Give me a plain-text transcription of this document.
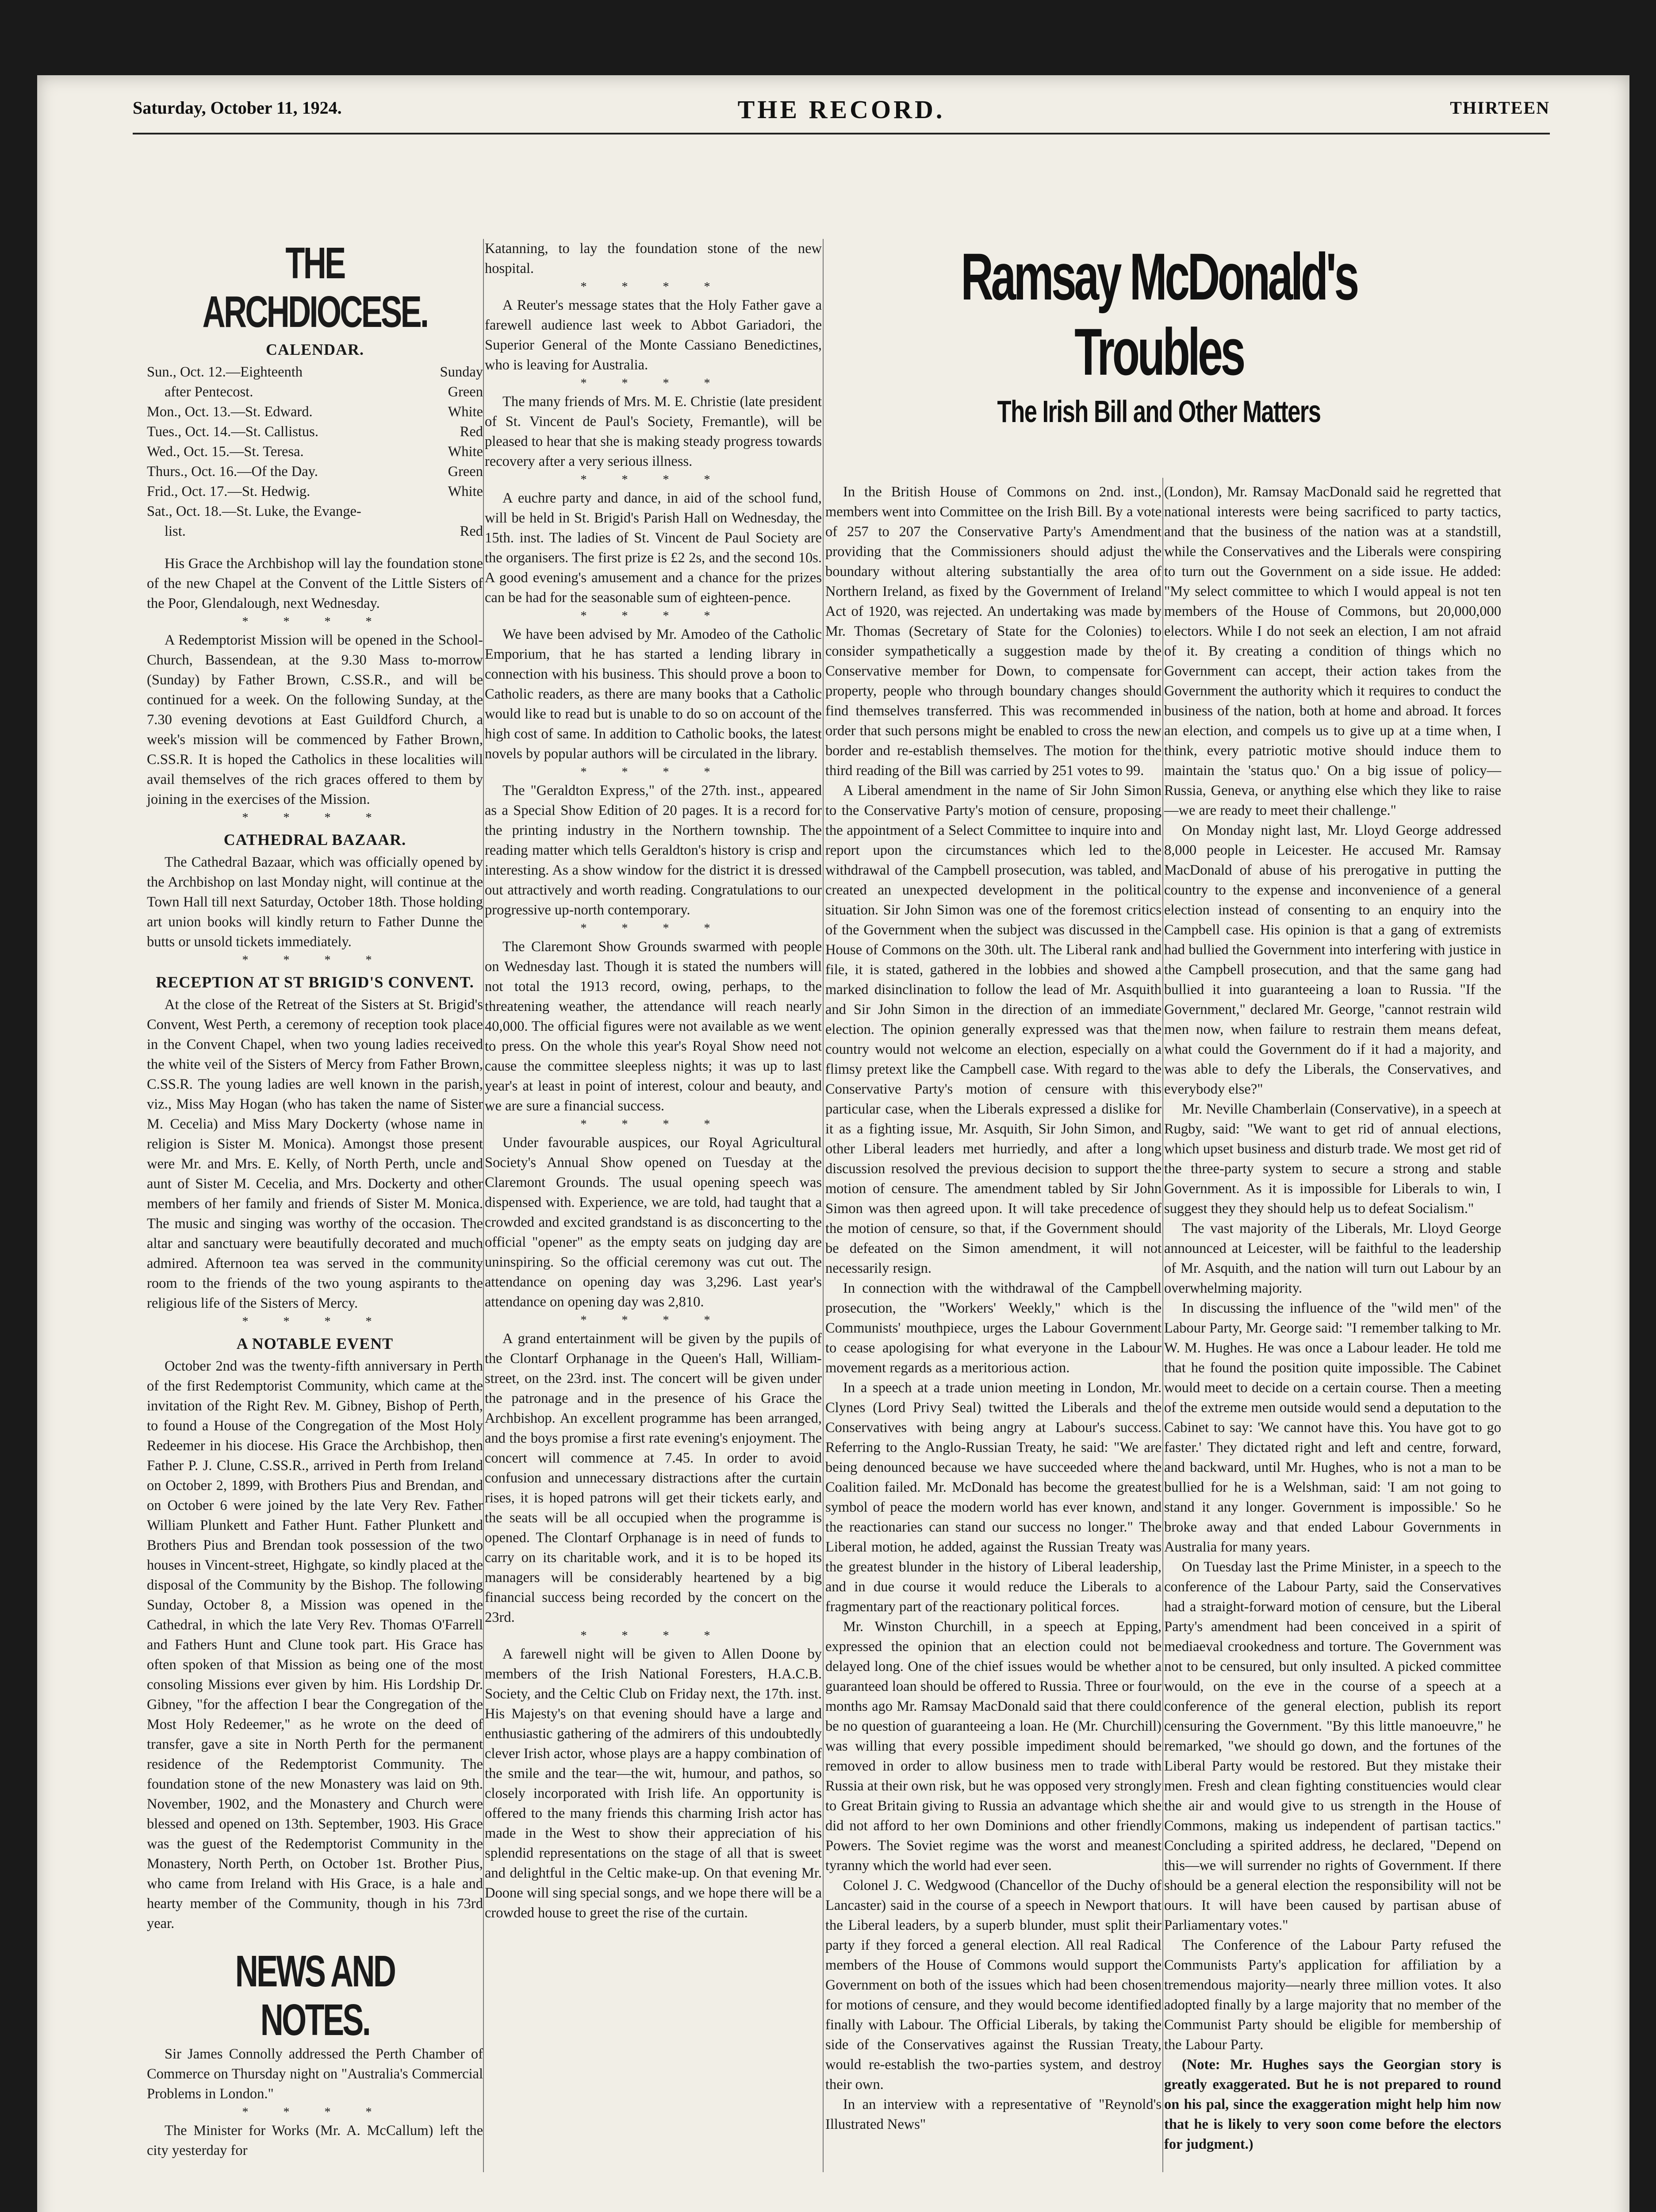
Saturday, October 11, 1924.	THE RECORD.	THIRTEEN
THE ARCHDIOCESE.
CALENDAR.
Sun., Oct. 12.—Eighteenth	Sunday
after Pentecost.	Green
Mon., Oct. 13.—St. Edward.	White
Tues., Oct. 14.—St. Callistus.	Red
Wed., Oct. 15.—St. Teresa.	White
Thurs., Oct. 16.—Of the Day.	Green
Frid., Oct. 17.—St. Hedwig.	White
Sat., Oct. 18.—St. Luke, the Evange-
list.	Red

His Grace the Archbishop will lay the foundation stone of the new Chapel at the Convent of the Little Sisters of the Poor, Glendalough, next Wednesday.

* * * *

A Redemptorist Mission will be opened in the School-Church, Bassendean, at the 9.30 Mass to-morrow (Sunday) by Father Brown, C.SS.R., and will be continued for a week. On the following Sunday, at the 7.30 evening devotions at East Guildford Church, a week's mission will be commenced by Father Brown, C.SS.R. It is hoped the Catholics in these localities will avail themselves of the rich graces offered to them by joining in the exercises of the Mission.

* * * *
CATHEDRAL BAZAAR.

The Cathedral Bazaar, which was officially opened by the Archbishop on last Monday night, will continue at the Town Hall till next Saturday, October 18th. Those holding art union books will kindly return to Father Dunne the butts or unsold tickets immediately.

* * * *
RECEPTION AT ST BRIGID'S CONVENT.

At the close of the Retreat of the Sisters at St. Brigid's Convent, West Perth, a ceremony of reception took place in the Convent Chapel, when two young ladies received the white veil of the Sisters of Mercy from Father Brown, C.SS.R. The young ladies are well known in the parish, viz., Miss May Hogan (who has taken the name of Sister M. Cecelia) and Miss Mary Dockerty (whose name in religion is Sister M. Monica). Amongst those present were Mr. and Mrs. E. Kelly, of North Perth, uncle and aunt of Sister M. Cecelia, and Mrs. Dockerty and other members of her family and friends of Sister M. Monica. The music and singing was worthy of the occasion. The altar and sanctuary were beautifully decorated and much admired. Afternoon tea was served in the community room to the friends of the two young aspirants to the religious life of the Sisters of Mercy.

* * * *
A NOTABLE EVENT

October 2nd was the twenty-fifth anniversary in Perth of the first Redemptorist Community, which came at the invitation of the Right Rev. M. Gibney, Bishop of Perth, to found a House of the Congregation of the Most Holy Redeemer in his diocese. His Grace the Archbishop, then Father P. J. Clune, C.SS.R., arrived in Perth from Ireland on October 2, 1899, with Brothers Pius and Brendan, and on October 6 were joined by the late Very Rev. Father William Plunkett and Father Hunt. Father Plunkett and Brothers Pius and Brendan took possession of the two houses in Vincent-street, Highgate, so kindly placed at the disposal of the Community by the Bishop. The following Sunday, October 8, a Mission was opened in the Cathedral, in which the late Very Rev. Thomas O'Farrell and Fathers Hunt and Clune took part. His Grace has often spoken of that Mission as being one of the most consoling Missions ever given by him. His Lordship Dr. Gibney, "for the affection I bear the Congregation of the Most Holy Redeemer," as he wrote on the deed of transfer, gave a site in North Perth for the permanent residence of the Redemptorist Community. The foundation stone of the new Monastery was laid on 9th. November, 1902, and the Monastery and Church were blessed and opened on 13th. September, 1903. His Grace was the guest of the Redemptorist Community in the Monastery, North Perth, on October 1st. Brother Pius, who came from Ireland with His Grace, is a hale and hearty member of the Community, though in his 73rd year.

NEWS AND NOTES.

Sir James Connolly addressed the Perth Chamber of Commerce on Thursday night on "Australia's Commercial Problems in London."

* * * *

The Minister for Works (Mr. A. McCallum) left the city yesterday for

Katanning, to lay the foundation stone of the new hospital.

* * * *

A Reuter's message states that the Holy Father gave a farewell audience last week to Abbot Gariadori, the Superior General of the Monte Cassiano Benedictines, who is leaving for Australia.

* * * *

The many friends of Mrs. M. E. Christie (late president of St. Vincent de Paul's Society, Fremantle), will be pleased to hear that she is making steady progress towards recovery after a very serious illness.

* * * *

A euchre party and dance, in aid of the school fund, will be held in St. Brigid's Parish Hall on Wednesday, the 15th. inst. The ladies of St. Vincent de Paul Society are the organisers. The first prize is £2 2s, and the second 10s. A good evening's amusement and a chance for the prizes can be had for the seasonable sum of eighteen-pence.

* * * *

We have been advised by Mr. Amodeo of the Catholic Emporium, that he has started a lending library in connection with his business. This should prove a boon to Catholic readers, as there are many books that a Catholic would like to read but is unable to do so on account of the high cost of same. In addition to Catholic books, the latest novels by popular authors will be circulated in the library.

* * * *

The "Geraldton Express," of the 27th. inst., appeared as a Special Show Edition of 20 pages. It is a record for the printing industry in the Northern township. The reading matter which tells Geraldton's history is crisp and interesting. As a show window for the district it is dressed out attractively and worth reading. Congratulations to our progressive up-north contemporary.

* * * *

The Claremont Show Grounds swarmed with people on Wednesday last. Though it is stated the numbers will not total the 1913 record, owing, perhaps, to the threatening weather, the attendance will reach nearly 40,000. The official figures were not available as we went to press. On the whole this year's Royal Show need not cause the committee sleepless nights; it was up to last year's at least in point of interest, colour and beauty, and we are sure a financial success.

* * * *

Under favourable auspices, our Royal Agricultural Society's Annual Show opened on Tuesday at the Claremont Grounds. The usual opening speech was dispensed with. Experience, we are told, had taught that a crowded and excited grandstand is as disconcerting to the official "opener" as the empty seats on judging day are uninspiring. So the official ceremony was cut out. The attendance on opening day was 3,296. Last year's attendance on opening day was 2,810.

* * * *

A grand entertainment will be given by the pupils of the Clontarf Orphanage in the Queen's Hall, William-street, on the 23rd. inst. The concert will be given under the patronage and in the presence of his Grace the Archbishop. An excellent programme has been arranged, and the boys promise a first rate evening's enjoyment. The concert will commence at 7.45. In order to avoid confusion and unnecessary distractions after the curtain rises, it is hoped patrons will get their tickets early, and the seats will be all occupied when the programme is opened. The Clontarf Orphanage is in need of funds to carry on its charitable work, and it is to be hoped its managers will be considerably heartened by a big financial success being recorded by the concert on the 23rd.

* * * *

A farewell night will be given to Allen Doone by members of the Irish National Foresters, H.A.C.B. Society, and the Celtic Club on Friday next, the 17th. inst. His Majesty's on that evening should have a large and enthusiastic gathering of the admirers of this undoubtedly clever Irish actor, whose plays are a happy combination of the smile and the tear—the wit, humour, and pathos, so closely incorporated with Irish life. An opportunity is offered to the many friends this charming Irish actor has made in the West to show their appreciation of his splendid representations on the stage of all that is sweet and delightful in the Celtic make-up. On that evening Mr. Doone will sing special songs, and we hope there will be a crowded house to greet the rise of the curtain.

Ramsay McDonald's Troubles
The Irish Bill and Other Matters

In the British House of Commons on 2nd. inst., members went into Committee on the Irish Bill. By a vote of 257 to 207 the Conservative Party's Amendment providing that the Commissioners should adjust the boundary without altering substantially the area of Northern Ireland, as fixed by the Government of Ireland Act of 1920, was rejected. An undertaking was made by Mr. Thomas (Secretary of State for the Colonies) to consider sympathetically a suggestion made by the Conservative member for Down, to compensate for property, people who through boundary changes should find themselves transferred. This was recommended in order that such persons might be enabled to cross the new border and re-establish themselves. The motion for the third reading of the Bill was carried by 251 votes to 99.

A Liberal amendment in the name of Sir John Simon to the Conservative Party's motion of censure, proposing the appointment of a Select Committee to inquire into and report upon the circumstances which led to the withdrawal of the Campbell prosecution, was tabled, and created an unexpected development in the political situation. Sir John Simon was one of the foremost critics of the Government when the subject was discussed in the House of Commons on the 30th. ult. The Liberal rank and file, it is stated, gathered in the lobbies and showed a marked disinclination to follow the lead of Mr. Asquith and Sir John Simon in the direction of an immediate election. The opinion generally expressed was that the country would not welcome an election, especially on a flimsy pretext like the Campbell case. With regard to the Conservative Party's motion of censure with this particular case, when the Liberals expressed a dislike for it as a fighting issue, Mr. Asquith, Sir John Simon, and other Liberal leaders met hurriedly, and after a long discussion resolved the previous decision to support the motion of censure. The amendment tabled by Sir John Simon was then agreed upon. It will take precedence of the motion of censure, so that, if the Government should be defeated on the Simon amendment, it will not necessarily resign.

In connection with the withdrawal of the Campbell prosecution, the "Workers' Weekly," which is the Communists' mouthpiece, urges the Labour Government to cease apologising for what everyone in the Labour movement regards as a meritorious action.

In a speech at a trade union meeting in London, Mr. Clynes (Lord Privy Seal) twitted the Liberals and the Conservatives with being angry at Labour's success. Referring to the Anglo-Russian Treaty, he said: "We are being denounced because we have succeeded where the Coalition failed. Mr. McDonald has become the greatest symbol of peace the modern world has ever known, and the reactionaries can stand our success no longer." The Liberal motion, he added, against the Russian Treaty was the greatest blunder in the history of Liberal leadership, and in due course it would reduce the Liberals to a fragmentary part of the reactionary political forces.

Mr. Winston Churchill, in a speech at Epping, expressed the opinion that an election could not be delayed long. One of the chief issues would be whether a guaranteed loan should be offered to Russia. Three or four months ago Mr. Ramsay MacDonald said that there could be no question of guaranteeing a loan. He (Mr. Churchill) was willing that every possible impediment should be removed in order to allow business men to trade with Russia at their own risk, but he was opposed very strongly to Great Britain giving to Russia an advantage which she did not afford to her own Dominions and other friendly Powers. The Soviet regime was the worst and meanest tyranny which the world had ever seen.

Colonel J. C. Wedgwood (Chancellor of the Duchy of Lancaster) said in the course of a speech in Newport that the Liberal leaders, by a superb blunder, must split their party if they forced a general election. All real Radical members of the House of Commons would support the Government on both of the issues which had been chosen for motions of censure, and they would become identified finally with Labour. The Official Liberals, by taking the side of the Conservatives against the Russian Treaty, would re-establish the two-parties system, and destroy their own.

In an interview with a representative of "Reynold's Illustrated News"

(London), Mr. Ramsay MacDonald said he regretted that national interests were being sacrificed to party tactics, and that the business of the nation was at a standstill, while the Conservatives and the Liberals were conspiring to turn out the Government on a side issue. He added: "My select committee to which I would appeal is not ten members of the House of Commons, but 20,000,000 electors. While I do not seek an election, I am not afraid of it. By creating a condition of things which no Government can accept, their action takes from the Government the authority which it requires to conduct the business of the nation, both at home and abroad. It forces an election, and compels us to give up at a time when, I think, every patriotic motive should induce them to maintain the 'status quo.' On a big issue of policy—Russia, Geneva, or anything else which they like to raise—we are ready to meet their challenge."

On Monday night last, Mr. Lloyd George addressed 8,000 people in Leicester. He accused Mr. Ramsay MacDonald of abuse of his prerogative in putting the country to the expense and inconvenience of a general election instead of consenting to an enquiry into the Campbell case. His opinion is that a gang of extremists had bullied the Government into interfering with justice in the Campbell prosecution, and that the same gang had bullied it into guaranteeing a loan to Russia. "If the Government," declared Mr. George, "cannot restrain wild men now, when failure to restrain them means defeat, what could the Government do if it had a majority, and was able to defy the Liberals, the Conservatives, and everybody else?"

Mr. Neville Chamberlain (Conservative), in a speech at Rugby, said: "We want to get rid of annual elections, which upset business and disturb trade. We most get rid of the three-party system to secure a strong and stable Government. As it is impossible for Liberals to win, I suggest they they should help us to defeat Socialism."

The vast majority of the Liberals, Mr. Lloyd George announced at Leicester, will be faithful to the leadership of Mr. Asquith, and the nation will turn out Labour by an overwhelming majority.

In discussing the influence of the "wild men" of the Labour Party, Mr. George said: "I remember talking to Mr. W. M. Hughes. He was once a Labour leader. He told me that he found the position quite impossible. The Cabinet would meet to decide on a certain course. Then a meeting of the extreme men outside would send a deputation to the Cabinet to say: 'We cannot have this. You have got to go faster.' They dictated right and left and centre, forward, and backward, until Mr. Hughes, who is not a man to be bullied for he is a Welshman, said: 'I am not going to stand it any longer. Government is impossible.' So he broke away and that ended Labour Governments in Australia for many years.

On Tuesday last the Prime Minister, in a speech to the conference of the Labour Party, said the Conservatives had a straight-forward motion of censure, but the Liberal Party's amendment had been conceived in a spirit of mediaeval crookedness and torture. The Government was not to be censured, but only insulted. A picked committee would, on the eve in the course of a speech at a conference of the general election, publish its report censuring the Government. "By this little manoeuvre," he remarked, "we should go down, and the fortunes of the Liberal Party would be restored. But they mistake their men. Fresh and clean fighting constituencies would clear the air and would give to us strength in the House of Commons, making us independent of partisan tactics." Concluding a spirited address, he declared, "Depend on this—we will surrender no rights of Government. If there should be a general election the responsibility will not be ours. It will have been caused by partisan abuse of Parliamentary votes."

The Conference of the Labour Party refused the Communists Party's application for affiliation by a tremendous majority—nearly three million votes. It also adopted finally by a large majority that no member of the Communist Party should be eligible for membership of the Labour Party.

(Note: Mr. Hughes says the Georgian story is greatly exaggerated. But he is not prepared to round on his pal, since the exaggeration might help him now that he is likely to very soon come before the electors for judgment.)
